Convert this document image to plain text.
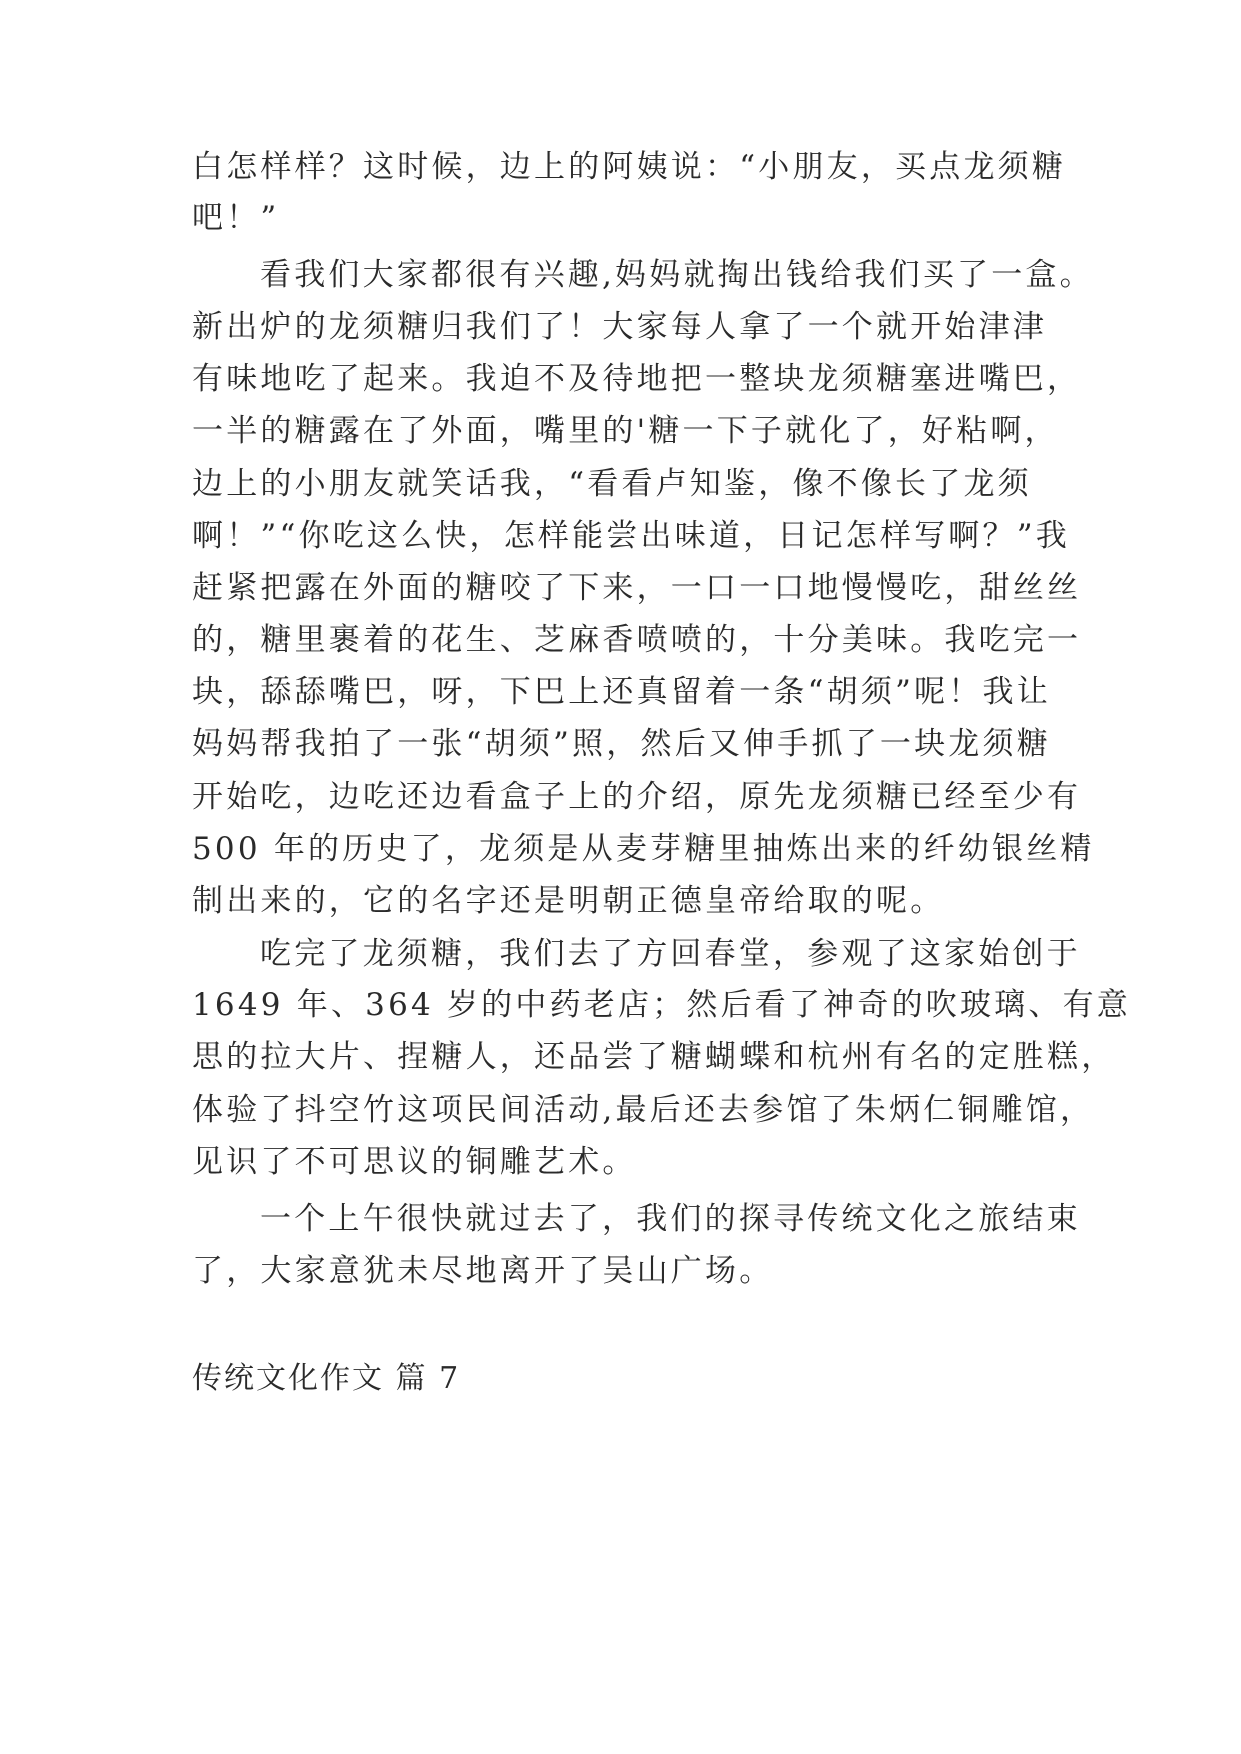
白怎样样？这时候，边上的阿姨说：“小朋友，买点龙须糖
吧！”
看我们大家都很有兴趣,妈妈就掏出钱给我们买了一盒。
新出炉的龙须糖归我们了！大家每人拿了一个就开始津津
有味地吃了起来。我迫不及待地把一整块龙须糖塞进嘴巴，
一半的糖露在了外面，嘴里的'糖一下子就化了，好粘啊，
边上的小朋友就笑话我，“看看卢知鉴，像不像长了龙须
啊！”“你吃这么快，怎样能尝出味道，日记怎样写啊？”我
赶紧把露在外面的糖咬了下来，一口一口地慢慢吃，甜丝丝
的，糖里裹着的花生、芝麻香喷喷的，十分美味。我吃完一
块，舔舔嘴巴，呀，下巴上还真留着一条“胡须”呢！我让
妈妈帮我拍了一张“胡须”照，然后又伸手抓了一块龙须糖
开始吃，边吃还边看盒子上的介绍，原先龙须糖已经至少有
500 年的历史了，龙须是从麦芽糖里抽炼出来的纤幼银丝精
制出来的，它的名字还是明朝正德皇帝给取的呢。
吃完了龙须糖，我们去了方回春堂，参观了这家始创于
1649 年、364 岁的中药老店；然后看了神奇的吹玻璃、有意
思的拉大片、捏糖人，还品尝了糖蝴蝶和杭州有名的定胜糕，
体验了抖空竹这项民间活动,最后还去参馆了朱炳仁铜雕馆，
见识了不可思议的铜雕艺术。
一个上午很快就过去了，我们的探寻传统文化之旅结束
了，大家意犹未尽地离开了吴山广场。
传统文化作文 篇 7
